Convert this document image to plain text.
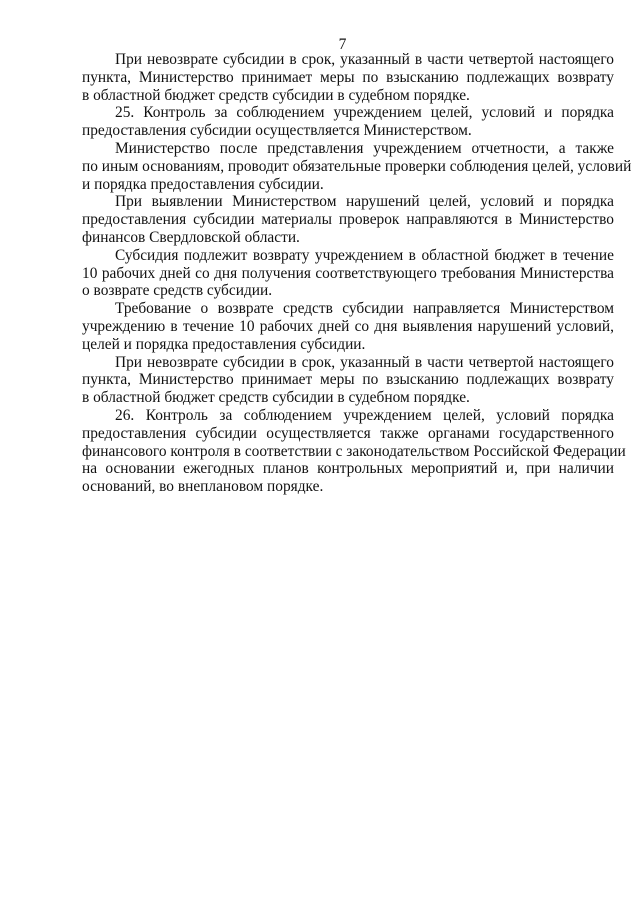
7
При невозврате субсидии в срок, указанный в части четвертой настоящего
пункта, Министерство принимает меры по взысканию подлежащих возврату
в областной бюджет средств субсидии в судебном порядке.
25. Контроль за соблюдением учреждением целей, условий и порядка
предоставления субсидии осуществляется Министерством.
Министерство после представления учреждением отчетности, а также
по иным основаниям, проводит обязательные проверки соблюдения целей, условий
и порядка предоставления субсидии.
При выявлении Министерством нарушений целей, условий и порядка
предоставления субсидии материалы проверок направляются в Министерство
финансов Свердловской области.
Субсидия подлежит возврату учреждением в областной бюджет в течение
10 рабочих дней со дня получения соответствующего требования Министерства
о возврате средств субсидии.
Требование о возврате средств субсидии направляется Министерством
учреждению в течение 10 рабочих дней со дня выявления нарушений условий,
целей и порядка предоставления субсидии.
При невозврате субсидии в срок, указанный в части четвертой настоящего
пункта, Министерство принимает меры по взысканию подлежащих возврату
в областной бюджет средств субсидии в судебном порядке.
26. Контроль за соблюдением учреждением целей, условий порядка
предоставления субсидии осуществляется также органами государственного
финансового контроля в соответствии с законодательством Российской Федерации
на основании ежегодных планов контрольных мероприятий и, при наличии
оснований, во внеплановом порядке.
